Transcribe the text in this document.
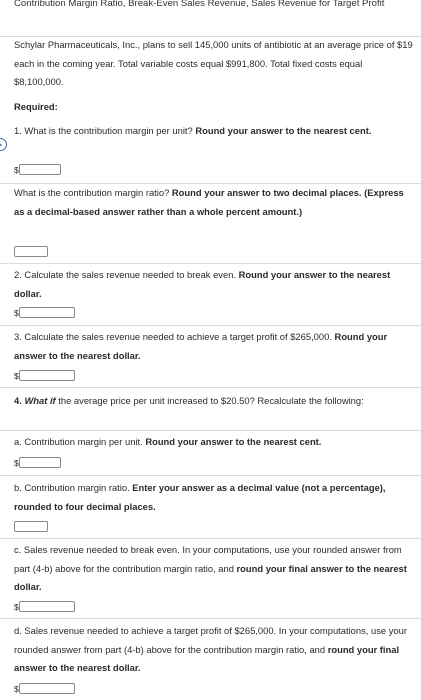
Contribution Margin Ratio, Break-Even Sales Revenue, Sales Revenue for Target Profit
Schylar Pharmaceuticals, Inc., plans to sell 145,000 units of antibiotic at an average price of $19 each in the coming year. Total variable costs equal $991,800. Total fixed costs equal $8,100,000.
Required:
1. What is the contribution margin per unit? Round your answer to the nearest cent.
$
What is the contribution margin ratio? Round your answer to two decimal places. (Express as a decimal-based answer rather than a whole percent amount.)
2. Calculate the sales revenue needed to break even. Round your answer to the nearest dollar.
$
3. Calculate the sales revenue needed to achieve a target profit of $265,000. Round your answer to the nearest dollar.
$
4. What if the average price per unit increased to $20.50? Recalculate the following:
a. Contribution margin per unit. Round your answer to the nearest cent.
$
b. Contribution margin ratio. Enter your answer as a decimal value (not a percentage), rounded to four decimal places.
c. Sales revenue needed to break even. In your computations, use your rounded answer from part (4-b) above for the contribution margin ratio, and round your final answer to the nearest dollar.
$
d. Sales revenue needed to achieve a target profit of $265,000. In your computations, use your rounded answer from part (4-b) above for the contribution margin ratio, and round your final answer to the nearest dollar.
$
